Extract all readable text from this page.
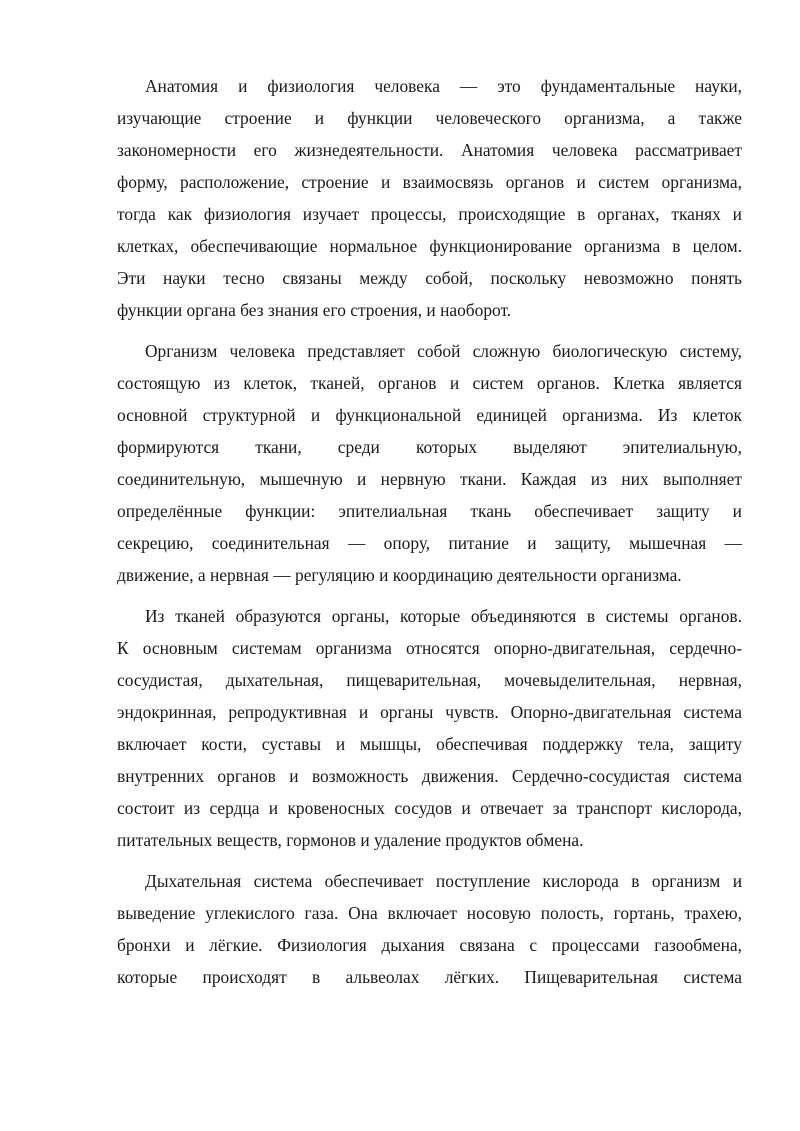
Анатомия и физиология человека — это фундаментальные науки,
изучающие строение и функции человеческого организма, а также
закономерности его жизнедеятельности. Анатомия человека рассматривает
форму, расположение, строение и взаимосвязь органов и систем организма,
тогда как физиология изучает процессы, происходящие в органах, тканях и
клетках, обеспечивающие нормальное функционирование организма в целом.
Эти науки тесно связаны между собой, поскольку невозможно понять
функции органа без знания его строения, и наоборот.

Организм человека представляет собой сложную биологическую систему,
состоящую из клеток, тканей, органов и систем органов. Клетка является
основной структурной и функциональной единицей организма. Из клеток
формируются ткани, среди которых выделяют эпителиальную,
соединительную, мышечную и нервную ткани. Каждая из них выполняет
определённые функции: эпителиальная ткань обеспечивает защиту и
секрецию, соединительная — опору, питание и защиту, мышечная —
движение, а нервная — регуляцию и координацию деятельности организма.

Из тканей образуются органы, которые объединяются в системы органов.
К основным системам организма относятся опорно-двигательная, сердечно-
сосудистая, дыхательная, пищеварительная, мочевыделительная, нервная,
эндокринная, репродуктивная и органы чувств. Опорно-двигательная система
включает кости, суставы и мышцы, обеспечивая поддержку тела, защиту
внутренних органов и возможность движения. Сердечно-сосудистая система
состоит из сердца и кровеносных сосудов и отвечает за транспорт кислорода,
питательных веществ, гормонов и удаление продуктов обмена.

Дыхательная система обеспечивает поступление кислорода в организм и
выведение углекислого газа. Она включает носовую полость, гортань, трахею,
бронхи и лёгкие. Физиология дыхания связана с процессами газообмена,
которые происходят в альвеолах лёгких. Пищеварительная система
